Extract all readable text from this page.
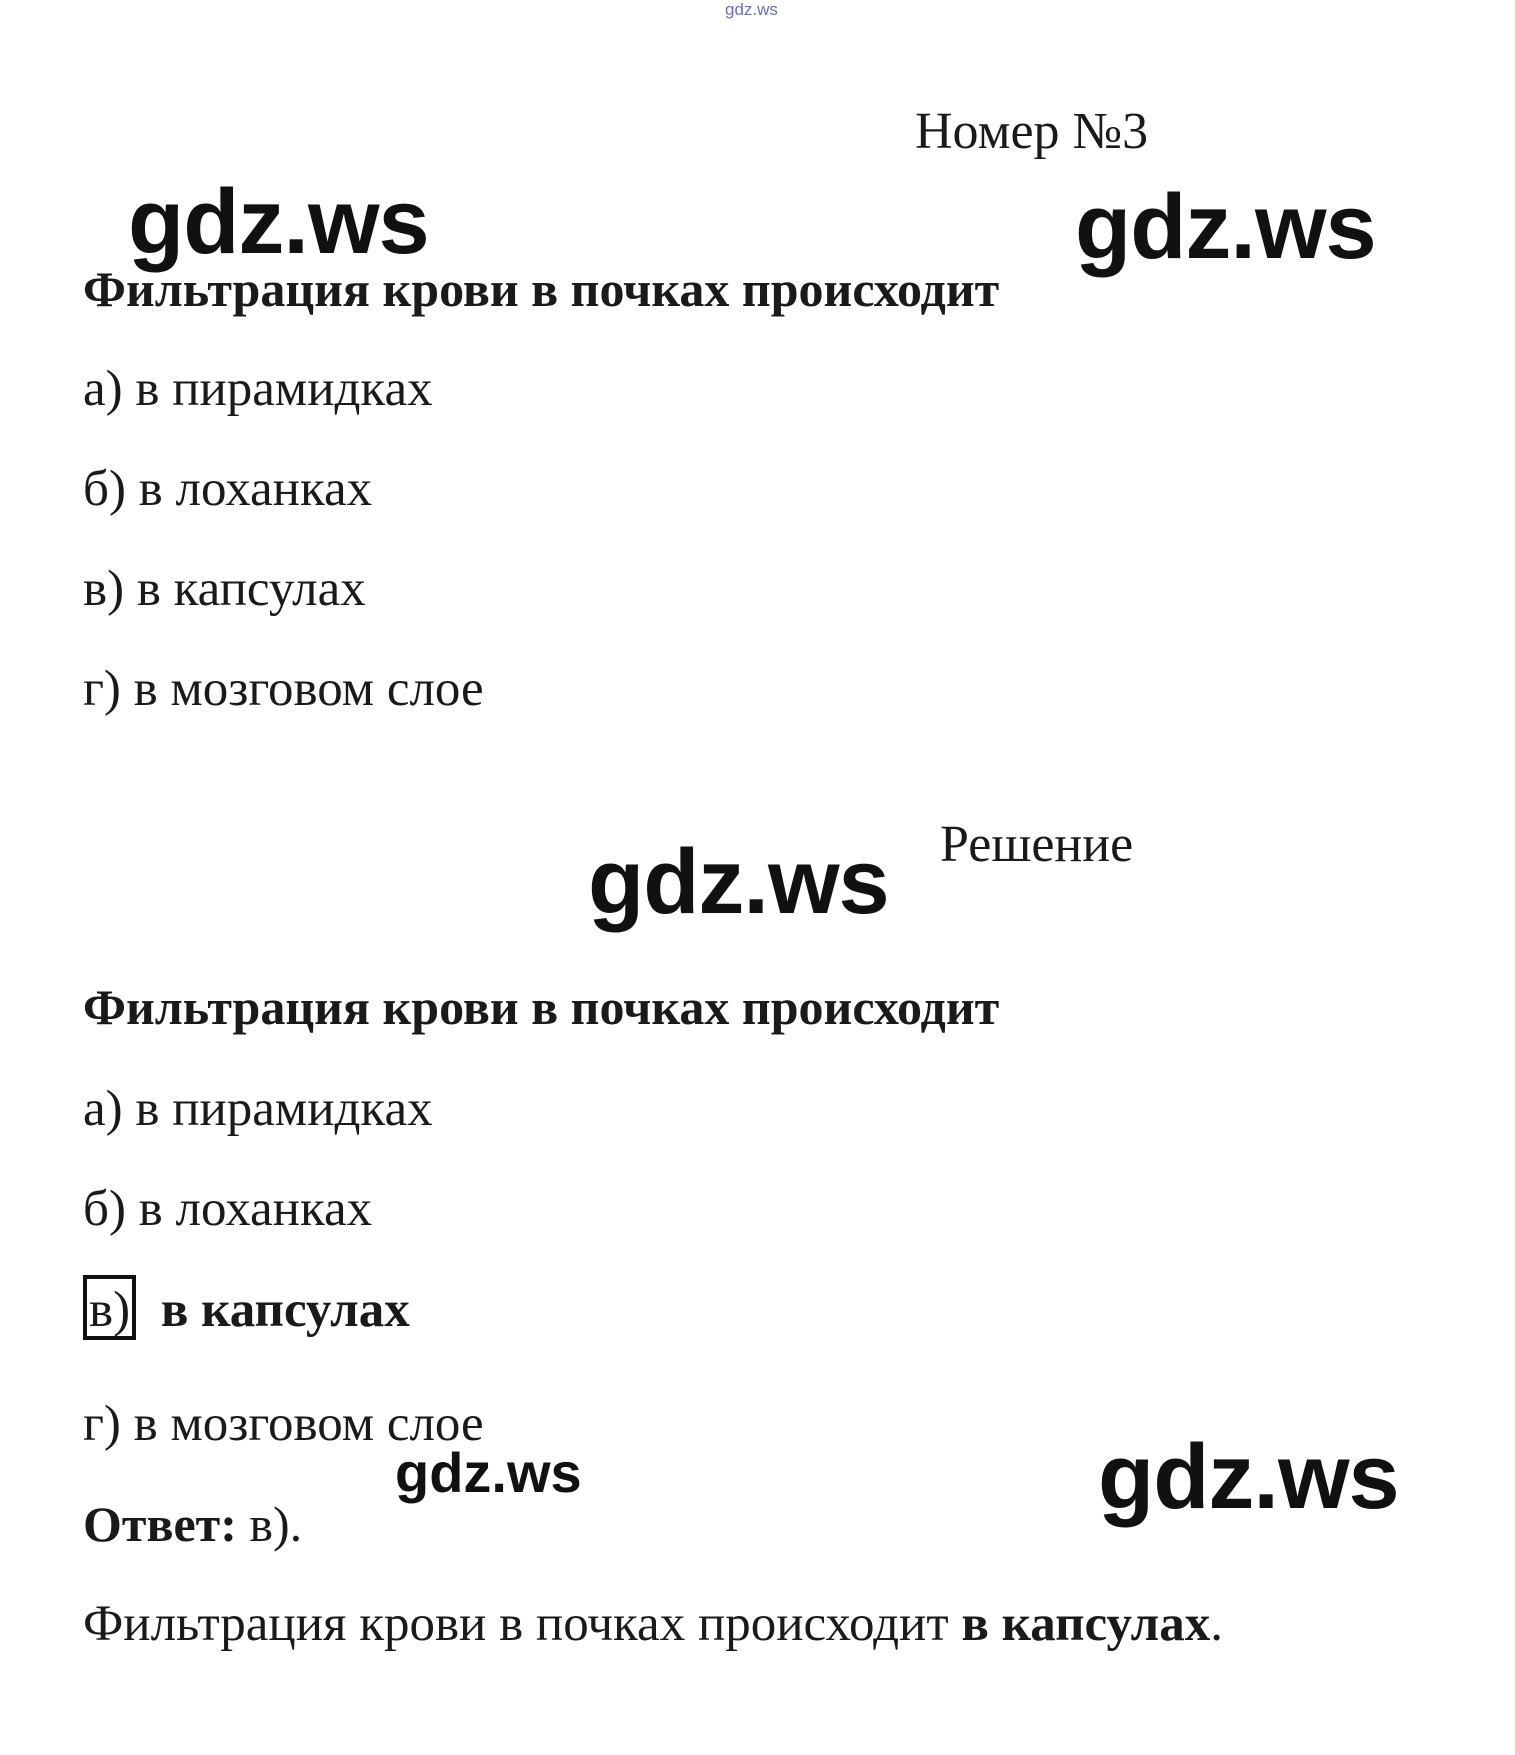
gdz.ws
Номер №3
gdz.ws	gdz.ws
Фильтрация крови в почках происходит
а) в пирамидках
б) в лоханках
в) в капсулах
г) в мозговом слое
gdz.ws Решение
Фильтрация крови в почках происходит
а) в пирамидках
б) в лоханках
в) в капсулах
г) в мозговом слое
gdz.ws	gdz.ws
Ответ: в).
Фильтрация крови в почках происходит в капсулах.
